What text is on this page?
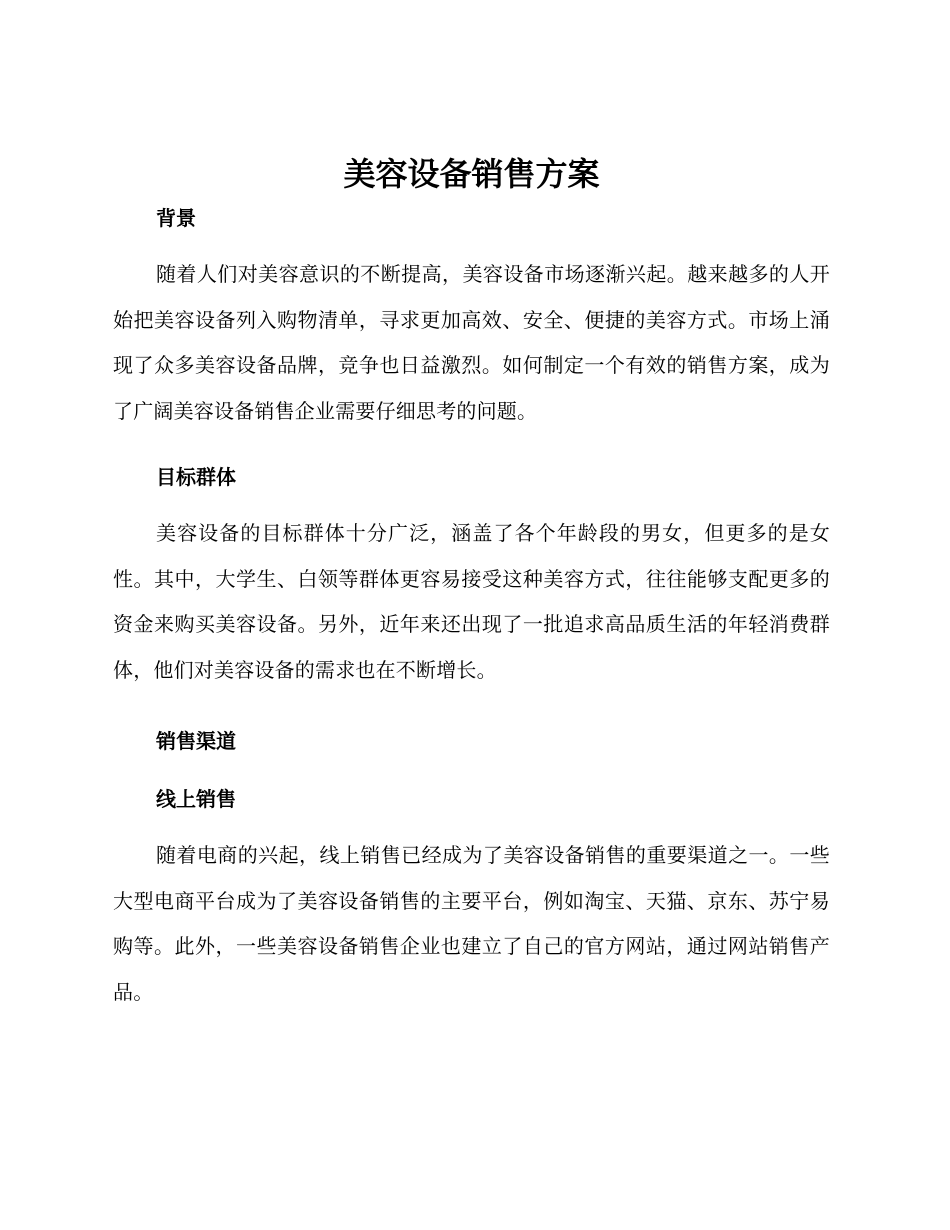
美容设备销售方案
背景

随着人们对美容意识的不断提高，美容设备市场逐渐兴起。越来越多的人开始把美容设备列入购物清单，寻求更加高效、安全、便捷的美容方式。市场上涌现了众多美容设备品牌，竞争也日益激烈。如何制定一个有效的销售方案，成为了广阔美容设备销售企业需要仔细思考的问题。

目标群体

美容设备的目标群体十分广泛，涵盖了各个年龄段的男女，但更多的是女性。其中，大学生、白领等群体更容易接受这种美容方式，往往能够支配更多的资金来购买美容设备。另外，近年来还出现了一批追求高品质生活的年轻消费群体，他们对美容设备的需求也在不断增长。

销售渠道
线上销售

随着电商的兴起，线上销售已经成为了美容设备销售的重要渠道之一。一些大型电商平台成为了美容设备销售的主要平台，例如淘宝、天猫、京东、苏宁易购等。此外，一些美容设备销售企业也建立了自己的官方网站，通过网站销售产品。
